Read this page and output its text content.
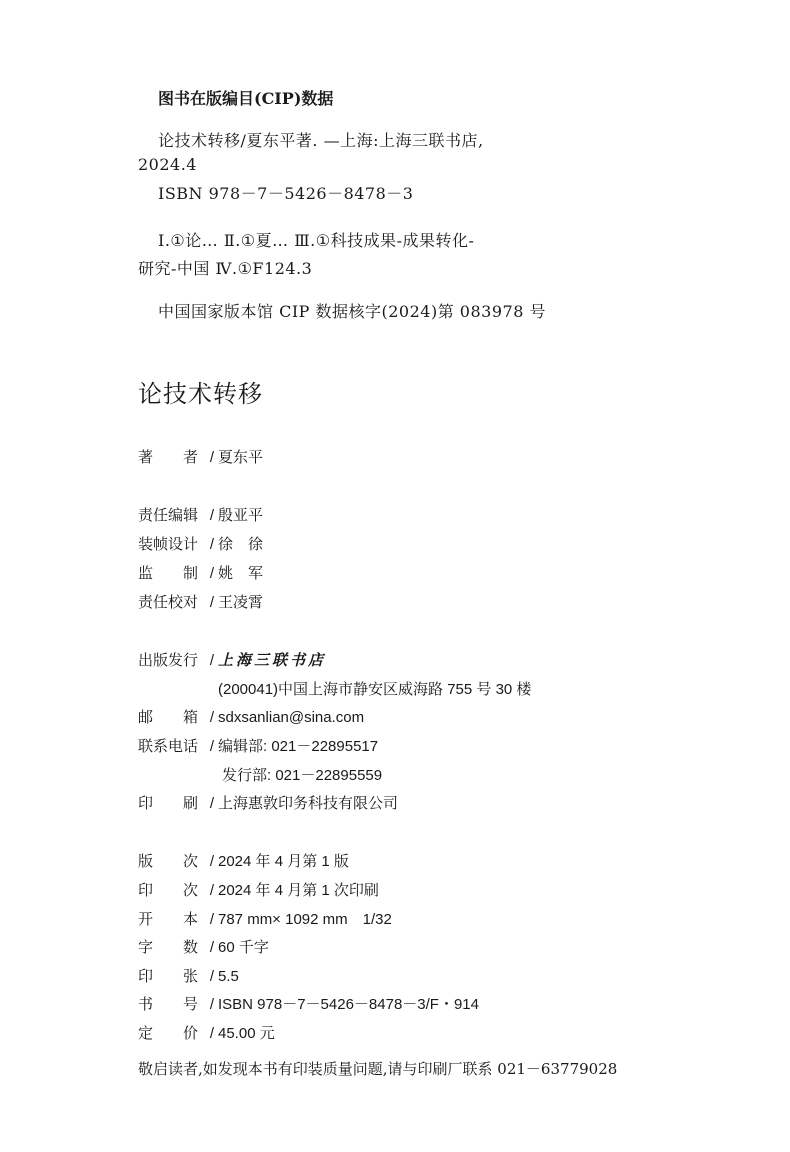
图书在版编目(CIP)数据
论技术转移/夏东平著. —上海:上海三联书店,
2024.4
ISBN 978－7－5426－8478－3
Ⅰ.①论… Ⅱ.①夏… Ⅲ.①科技成果-成果转化-
研究-中国 Ⅳ.①F124.3
中国国家版本馆 CIP 数据核字(2024)第 083978 号
论技术转移
著　　者 / 夏东平
责任编辑 / 殷亚平
装帧设计 / 徐　徐
监　　制 / 姚　军
责任校对 / 王凌霄
出版发行 / 上海三联书店
(200041)中国上海市静安区威海路 755 号 30 楼
邮　　箱 / sdxsanlian@sina.com
联系电话 / 编辑部: 021－22895517
发行部: 021－22895559
印　　刷 / 上海惠敦印务科技有限公司
版　　次 / 2024 年 4 月第 1 版
印　　次 / 2024 年 4 月第 1 次印刷
开　　本 / 787 mm× 1092 mm　1/32
字　　数 / 60 千字
印　　张 / 5.5
书　　号 / ISBN 978－7－5426－8478－3/F・914
定　　价 / 45.00 元
敬启读者,如发现本书有印装质量问题,请与印刷厂联系 021－63779028
